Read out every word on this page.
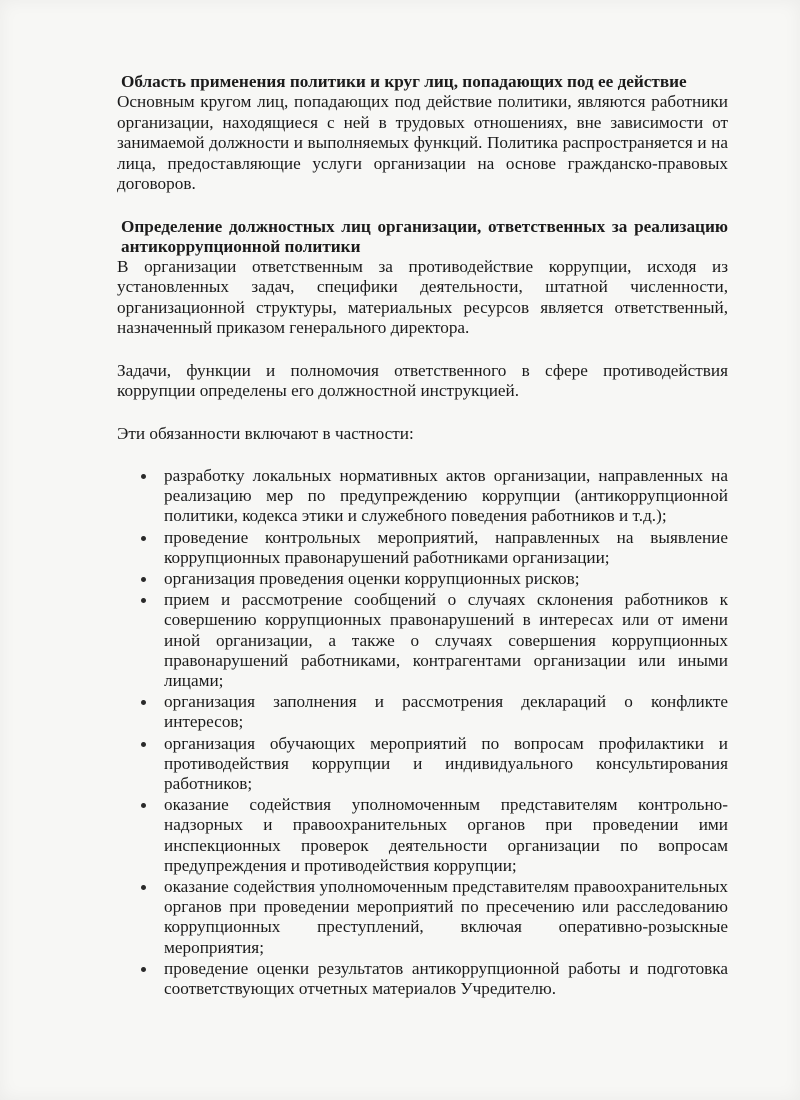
Область применения политики и круг лиц, попадающих под ее действие

Основным кругом лиц, попадающих под действие политики, являются работники организации, находящиеся с ней в трудовых отношениях, вне зависимости от занимаемой должности и выполняемых функций. Политика распространяется и на лица, предоставляющие услуги организации на основе гражданско-правовых договоров.

Определение должностных лиц организации, ответственных за реализацию антикоррупционной политики

В организации ответственным за противодействие коррупции, исходя из установленных задач, специфики деятельности, штатной численности, организационной структуры, материальных ресурсов является ответственный, назначенный приказом генерального директора.

Задачи, функции и полномочия ответственного в сфере противодействия коррупции определены его должностной инструкцией.

Эти обязанности включают в частности:

разработку локальных нормативных актов организации, направленных на реализацию мер по предупреждению коррупции (антикоррупционной политики, кодекса этики и служебного поведения работников и т.д.);
проведение контрольных мероприятий, направленных на выявление коррупционных правонарушений работниками организации;
организация проведения оценки коррупционных рисков;
прием и рассмотрение сообщений о случаях склонения работников к совершению коррупционных правонарушений в интересах или от имени иной организации, а также о случаях совершения коррупционных правонарушений работниками, контрагентами организации или иными лицами;
организация заполнения и рассмотрения деклараций о конфликте интересов;
организация обучающих мероприятий по вопросам профилактики и противодействия коррупции и индивидуального консультирования работников;
оказание содействия уполномоченным представителям контрольно-надзорных и правоохранительных органов при проведении ими инспекционных проверок деятельности организации по вопросам предупреждения и противодействия коррупции;
оказание содействия уполномоченным представителям правоохранительных органов при проведении мероприятий по пресечению или расследованию коррупционных преступлений, включая оперативно-розыскные мероприятия;
проведение оценки результатов антикоррупционной работы и подготовка соответствующих отчетных материалов Учредителю.
